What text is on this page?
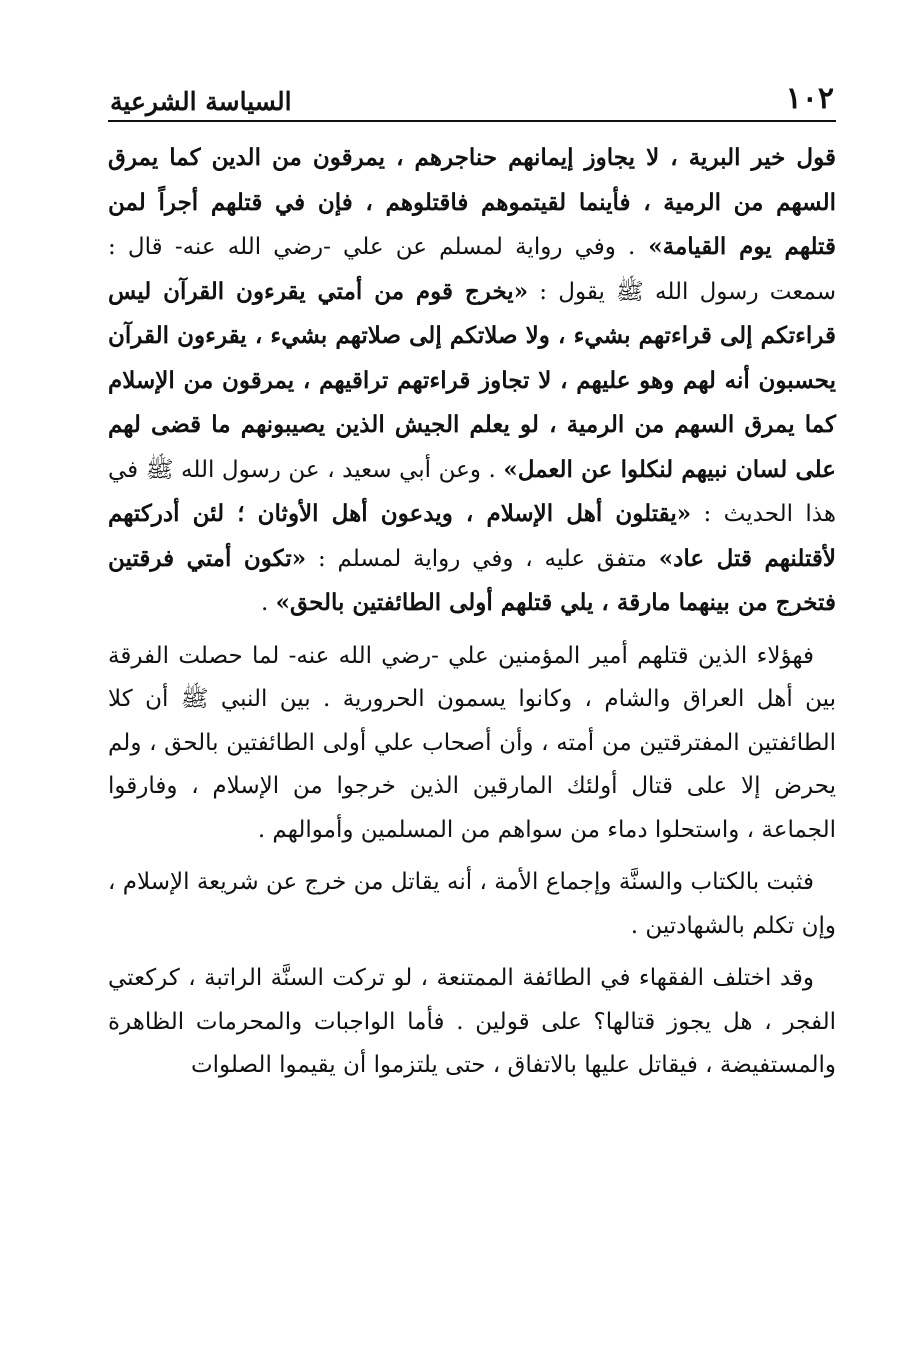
١٠٢
السياسة الشرعية

قول خير البرية ، لا يجاوز إيمانهم حناجرهم ، يمرقون من الدين كما يمرق السهم من الرمية ، فأينما لقيتموهم فاقتلوهم ، فإن في قتلهم أجراً لمن قتلهم يوم القيامة» . وفي رواية لمسلم عن علي -رضي الله عنه- قال : سمعت رسول الله ﷺ يقول : «يخرج قوم من أمتي يقرءون القرآن ليس قراءتكم إلى قراءتهم بشيء ، ولا صلاتكم إلى صلاتهم بشيء ، يقرءون القرآن يحسبون أنه لهم وهو عليهم ، لا تجاوز قراءتهم تراقيهم ، يمرقون من الإسلام كما يمرق السهم من الرمية ، لو يعلم الجيش الذين يصيبونهم ما قضى لهم على لسان نبيهم لنكلوا عن العمل» . وعن أبي سعيد ، عن رسول الله ﷺ في هذا الحديث : «يقتلون أهل الإسلام ، ويدعون أهل الأوثان ؛ لئن أدركتهم لأقتلنهم قتل عاد» متفق عليه ، وفي رواية لمسلم : «تكون أمتي فرقتين فتخرج من بينهما مارقة ، يلي قتلهم أولى الطائفتين بالحق» .

فهؤلاء الذين قتلهم أمير المؤمنين علي -رضي الله عنه- لما حصلت الفرقة بين أهل العراق والشام ، وكانوا يسمون الحرورية . بين النبي ﷺ أن كلا الطائفتين المفترقتين من أمته ، وأن أصحاب علي أولى الطائفتين بالحق ، ولم يحرض إلا على قتال أولئك المارقين الذين خرجوا من الإسلام ، وفارقوا الجماعة ، واستحلوا دماء من سواهم من المسلمين وأموالهم .

فثبت بالكتاب والسنَّة وإجماع الأمة ، أنه يقاتل من خرج عن شريعة الإسلام ، وإن تكلم بالشهادتين .

وقد اختلف الفقهاء في الطائفة الممتنعة ، لو تركت السنَّة الراتبة ، كركعتي الفجر ، هل يجوز قتالها؟ على قولين . فأما الواجبات والمحرمات الظاهرة والمستفيضة ، فيقاتل عليها بالاتفاق ، حتى يلتزموا أن يقيموا الصلوات
